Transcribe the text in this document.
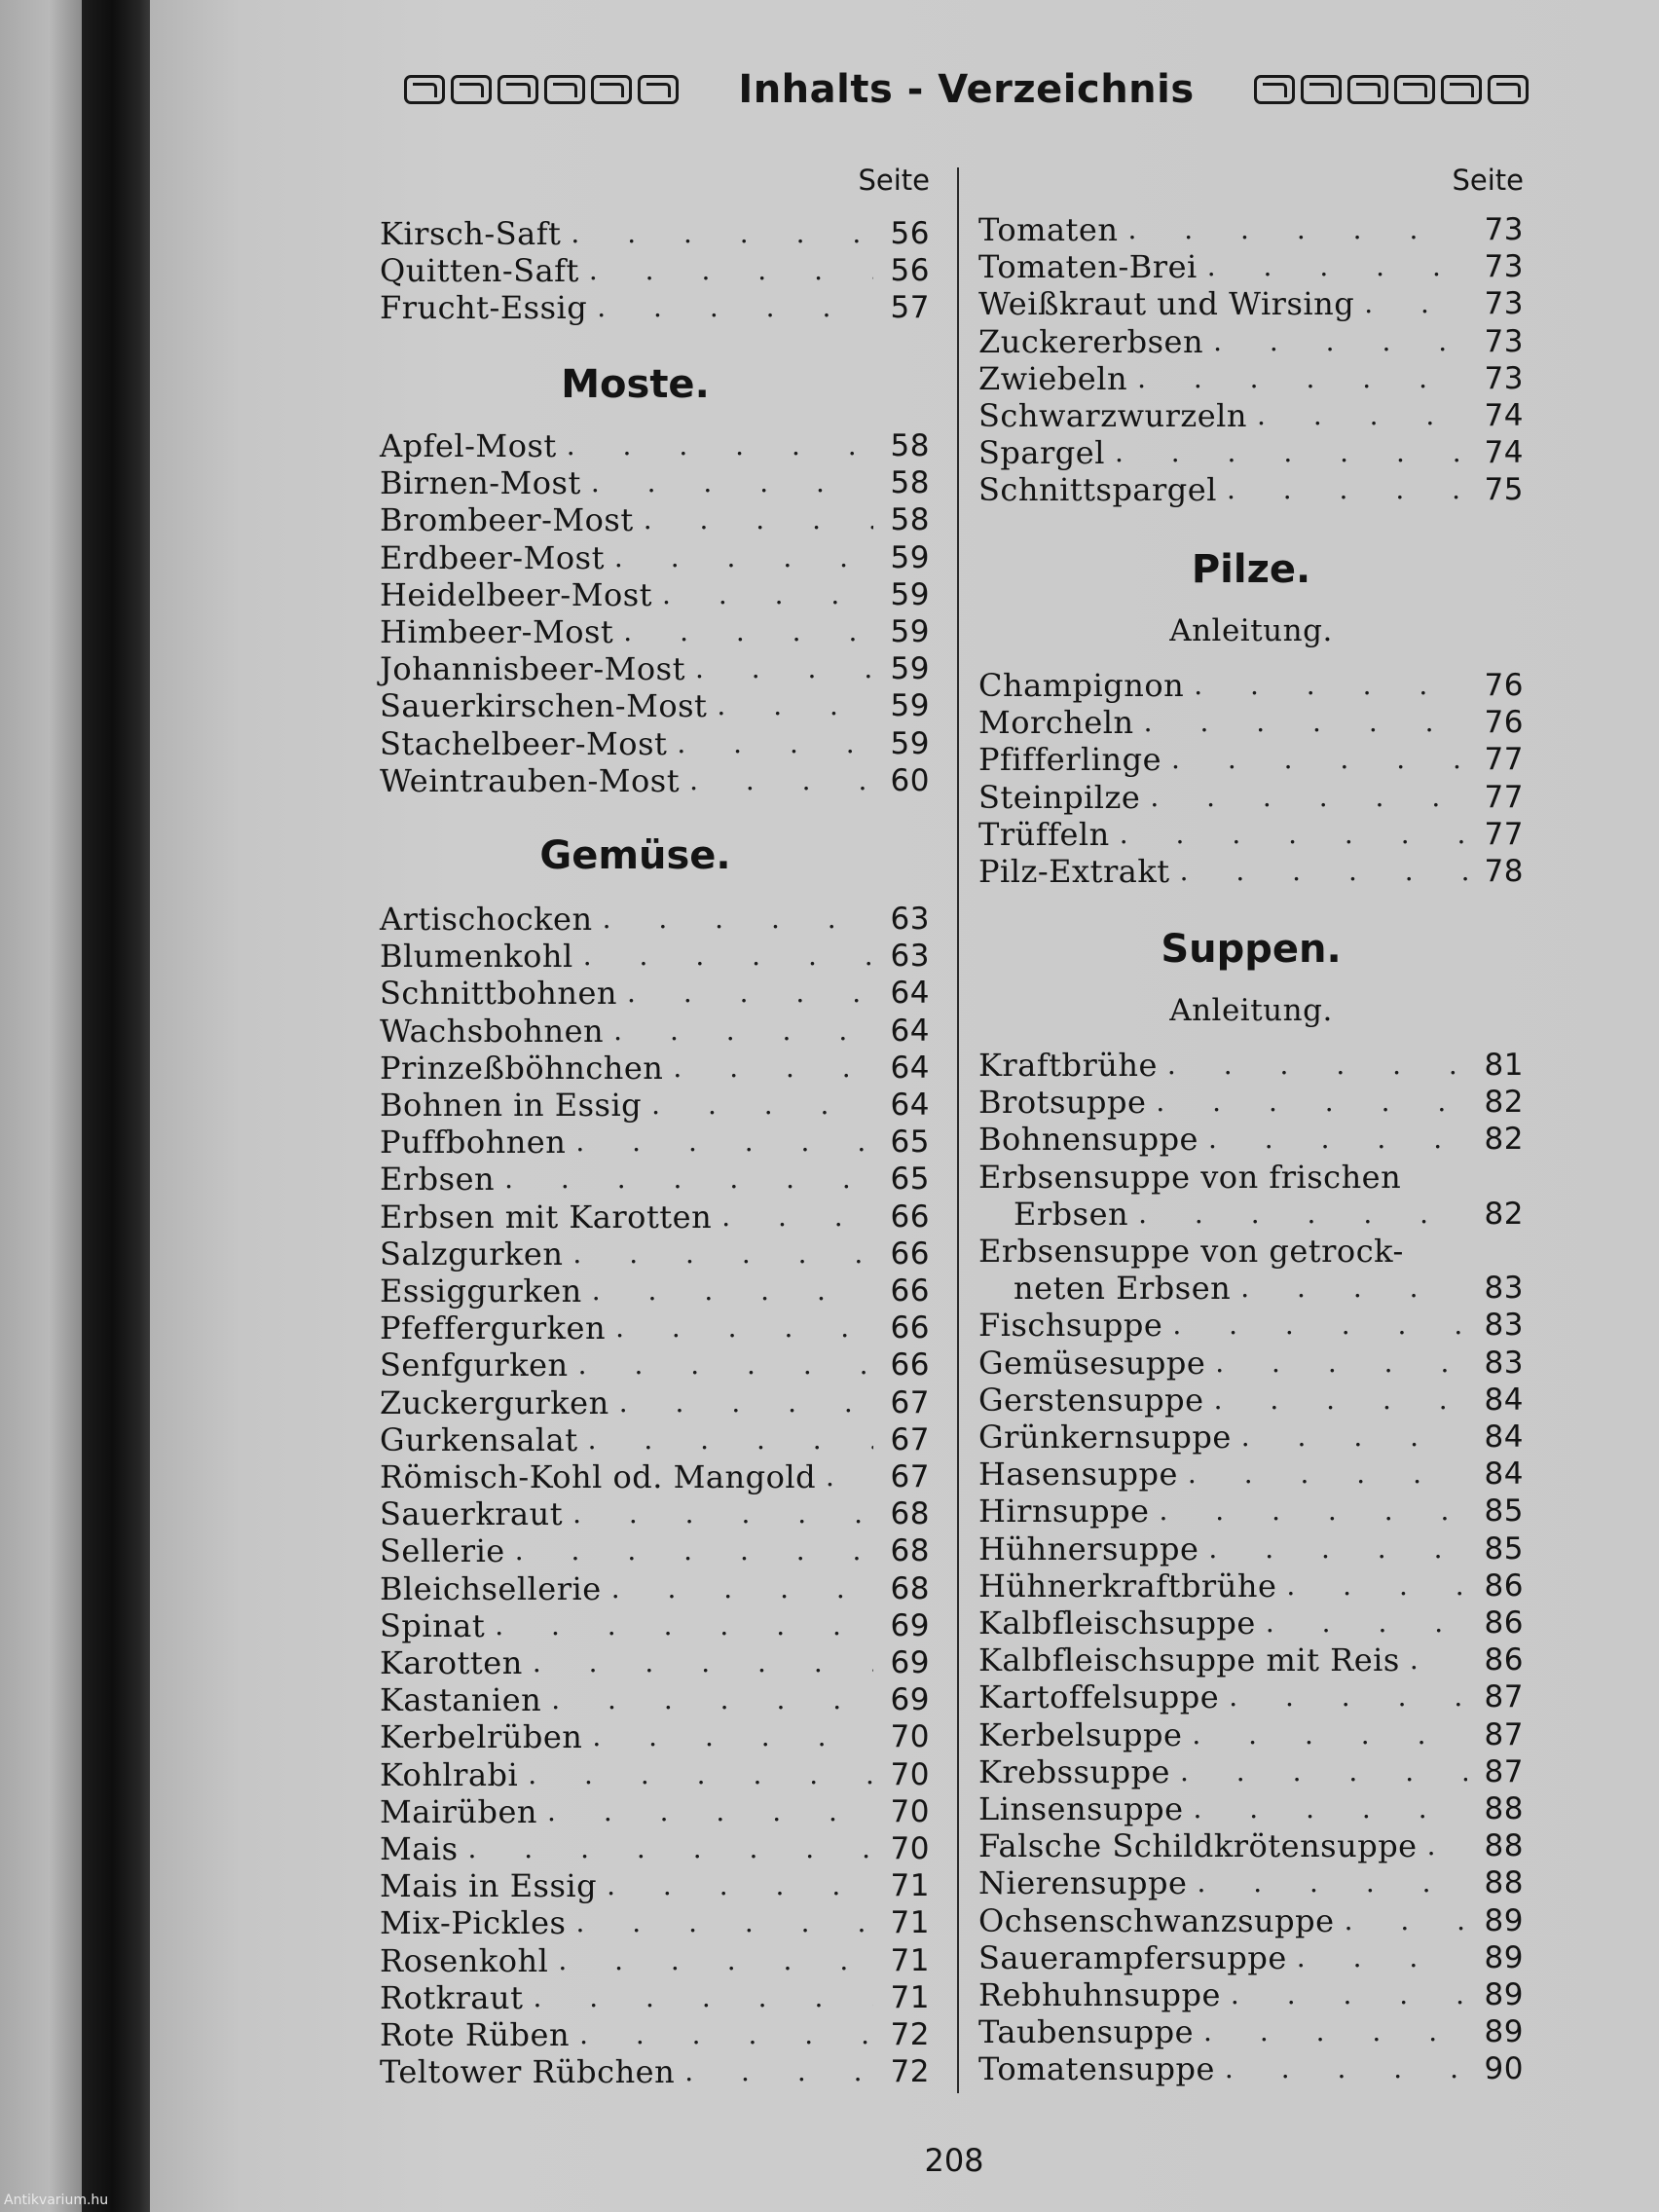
Antikvarium.hu
Inhalts - Verzeichnis
Seite
Moste.
Gemüse.
Kirsch-Saft . . .	56
Quitten-Saft . . .	56
Frucht-Essig . . .	57
Apfel-Most . . .	58
Birnen-Most . . .	58
Brombeer-Most . . .	58
Erdbeer-Most . . .	59
Heidelbeer-Most . . .	59
Himbeer-Most . . .	59
Johannisbeer-Most . . .	59
Sauerkirschen-Most . . .	59
Stachelbeer-Most . . .	59
Weintrauben-Most . . .	60
Artischocken . . .	63
Blumenkohl . . .	63
Schnittbohnen . . .	64
Wachsbohnen . . .	64
Prinzeßböhnchen . . .	64
Bohnen in Essig . . .	64
Puffbohnen . . .	65
Erbsen . . .	65
Erbsen mit Karotten . . .	66
Salzgurken . . .	66
Essiggurken . . .	66
Pfeffergurken . . .	66
Senfgurken . . .	66
Zuckergurken . . .	67
Gurkensalat . . .	67
Römisch-Kohl od. Mangold . . .	67
Sauerkraut . . .	68
Sellerie . . .	68
Bleichsellerie . . .	68
Spinat . . .	69
Karotten . . .	69
Kastanien . . .	69
Kerbelrüben . . .	70
Kohlrabi . . .	70
Mairüben . . .	70
Mais . . .	70
Mais in Essig . . .	71
Mix-Pickles . . .	71
Rosenkohl . . .	71
Rotkraut . . .	71
Rote Rüben . . .	72
Teltower Rübchen . . .	72
Seite
Pilze.
Anleitung.
Suppen.
Anleitung.
Tomaten . . .	73
Tomaten-Brei . . .	73
Weißkraut und Wirsing . . .	73
Zuckererbsen . . .	73
Zwiebeln . . .	73
Schwarzwurzeln . . .	74
Spargel . . .	74
Schnittspargel . . .	75
Champignon . . .	76
Morcheln . . .	76
Pfifferlinge . . .	77
Steinpilze . . .	77
Trüffeln . . .	77
Pilz-Extrakt . . .	78
Kraftbrühe . . .	81
Brotsuppe . . .	82
Bohnensuppe . . .	82
Erbsensuppe von frischen
Erbsen . . .	82
Erbsensuppe von getrock-
neten Erbsen . . .	83
Fischsuppe . . .	83
Gemüsesuppe . . .	83
Gerstensuppe . . .	84
Grünkernsuppe . . .	84
Hasensuppe . . .	84
Hirnsuppe . . .	85
Hühnersuppe . . .	85
Hühnerkraftbrühe . . .	86
Kalbfleischsuppe . . .	86
Kalbfleischsuppe mit Reis . . .	86
Kartoffelsuppe . . .	87
Kerbelsuppe . . .	87
Krebssuppe . . .	87
Linsensuppe . . .	88
Falsche Schildkrötensuppe . . .	88
Nierensuppe . . .	88
Ochsenschwanzsuppe . . .	89
Sauerampfersuppe . . .	89
Rebhuhnsuppe . . .	89
Taubensuppe . . .	89
Tomatensuppe . . .	90
208
